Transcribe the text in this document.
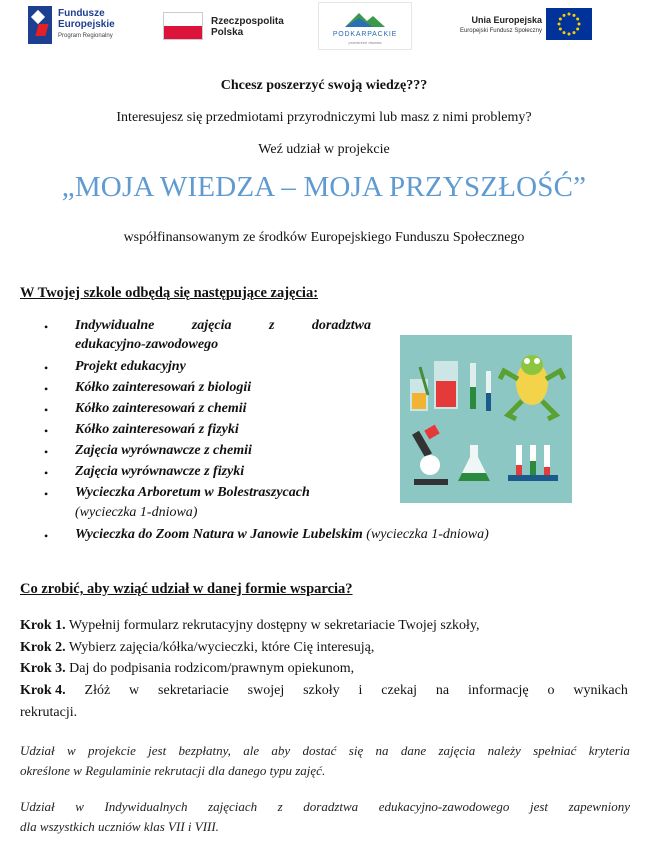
Fundusze
Europejskie
Program Regionalny
Rzeczpospolita
Polska	PODKARPACKIE
przestrzeń otwarta
Unia Europejska
Europejski Fundusz Społeczny
Chcesz poszerzyć swoją wiedzę???
Interesujesz się przedmiotami przyrodniczymi lub masz z nimi problemy?
Weź udział w projekcie
„MOJA WIEDZA – MOJA PRZYSZŁOŚĆ”
współfinansowanym ze środków Europejskiego Funduszu Społecznego
W Twojej szkole odbędą się następujące zajęcia:
• Indywidualne	zajęcia	z	doradztwa
edukacyjno-zawodowego
• Projekt edukacyjny
• Kółko zainteresowań z biologii
• Kółko zainteresowań z chemii
• Kółko zainteresowań z fizyki
• Zajęcia wyrównawcze z chemii
• Zajęcia wyrównawcze z fizyki
• Wycieczka Arboretum w Bolestraszycach
(wycieczka 1-dniowa)
• Wycieczka do Zoom Natura w Janowie Lubelskim (wycieczka 1-dniowa)
Co zrobić, aby wziąć udział w danej formie wsparcia?
Krok 1. Wypełnij formularz rekrutacyjny dostępny w sekretariacie Twojej szkoły,
Krok 2. Wybierz zajęcia/kółka/wycieczki, które Cię interesują,
Krok 3. Daj do podpisania rodzicom/prawnym opiekunom,
Krok 4. Złóż w sekretariacie swojej szkoły i czekaj na informację o wynikach
rekrutacji.
Udział w projekcie jest bezpłatny, ale aby dostać się na dane zajęcia należy spełniać kryteria
określone w Regulaminie rekrutacji dla danego typu zajęć.
Udział w Indywidualnych zajęciach z doradztwa edukacyjno-zawodowego jest zapewniony
dla wszystkich uczniów klas VII i VIII.
